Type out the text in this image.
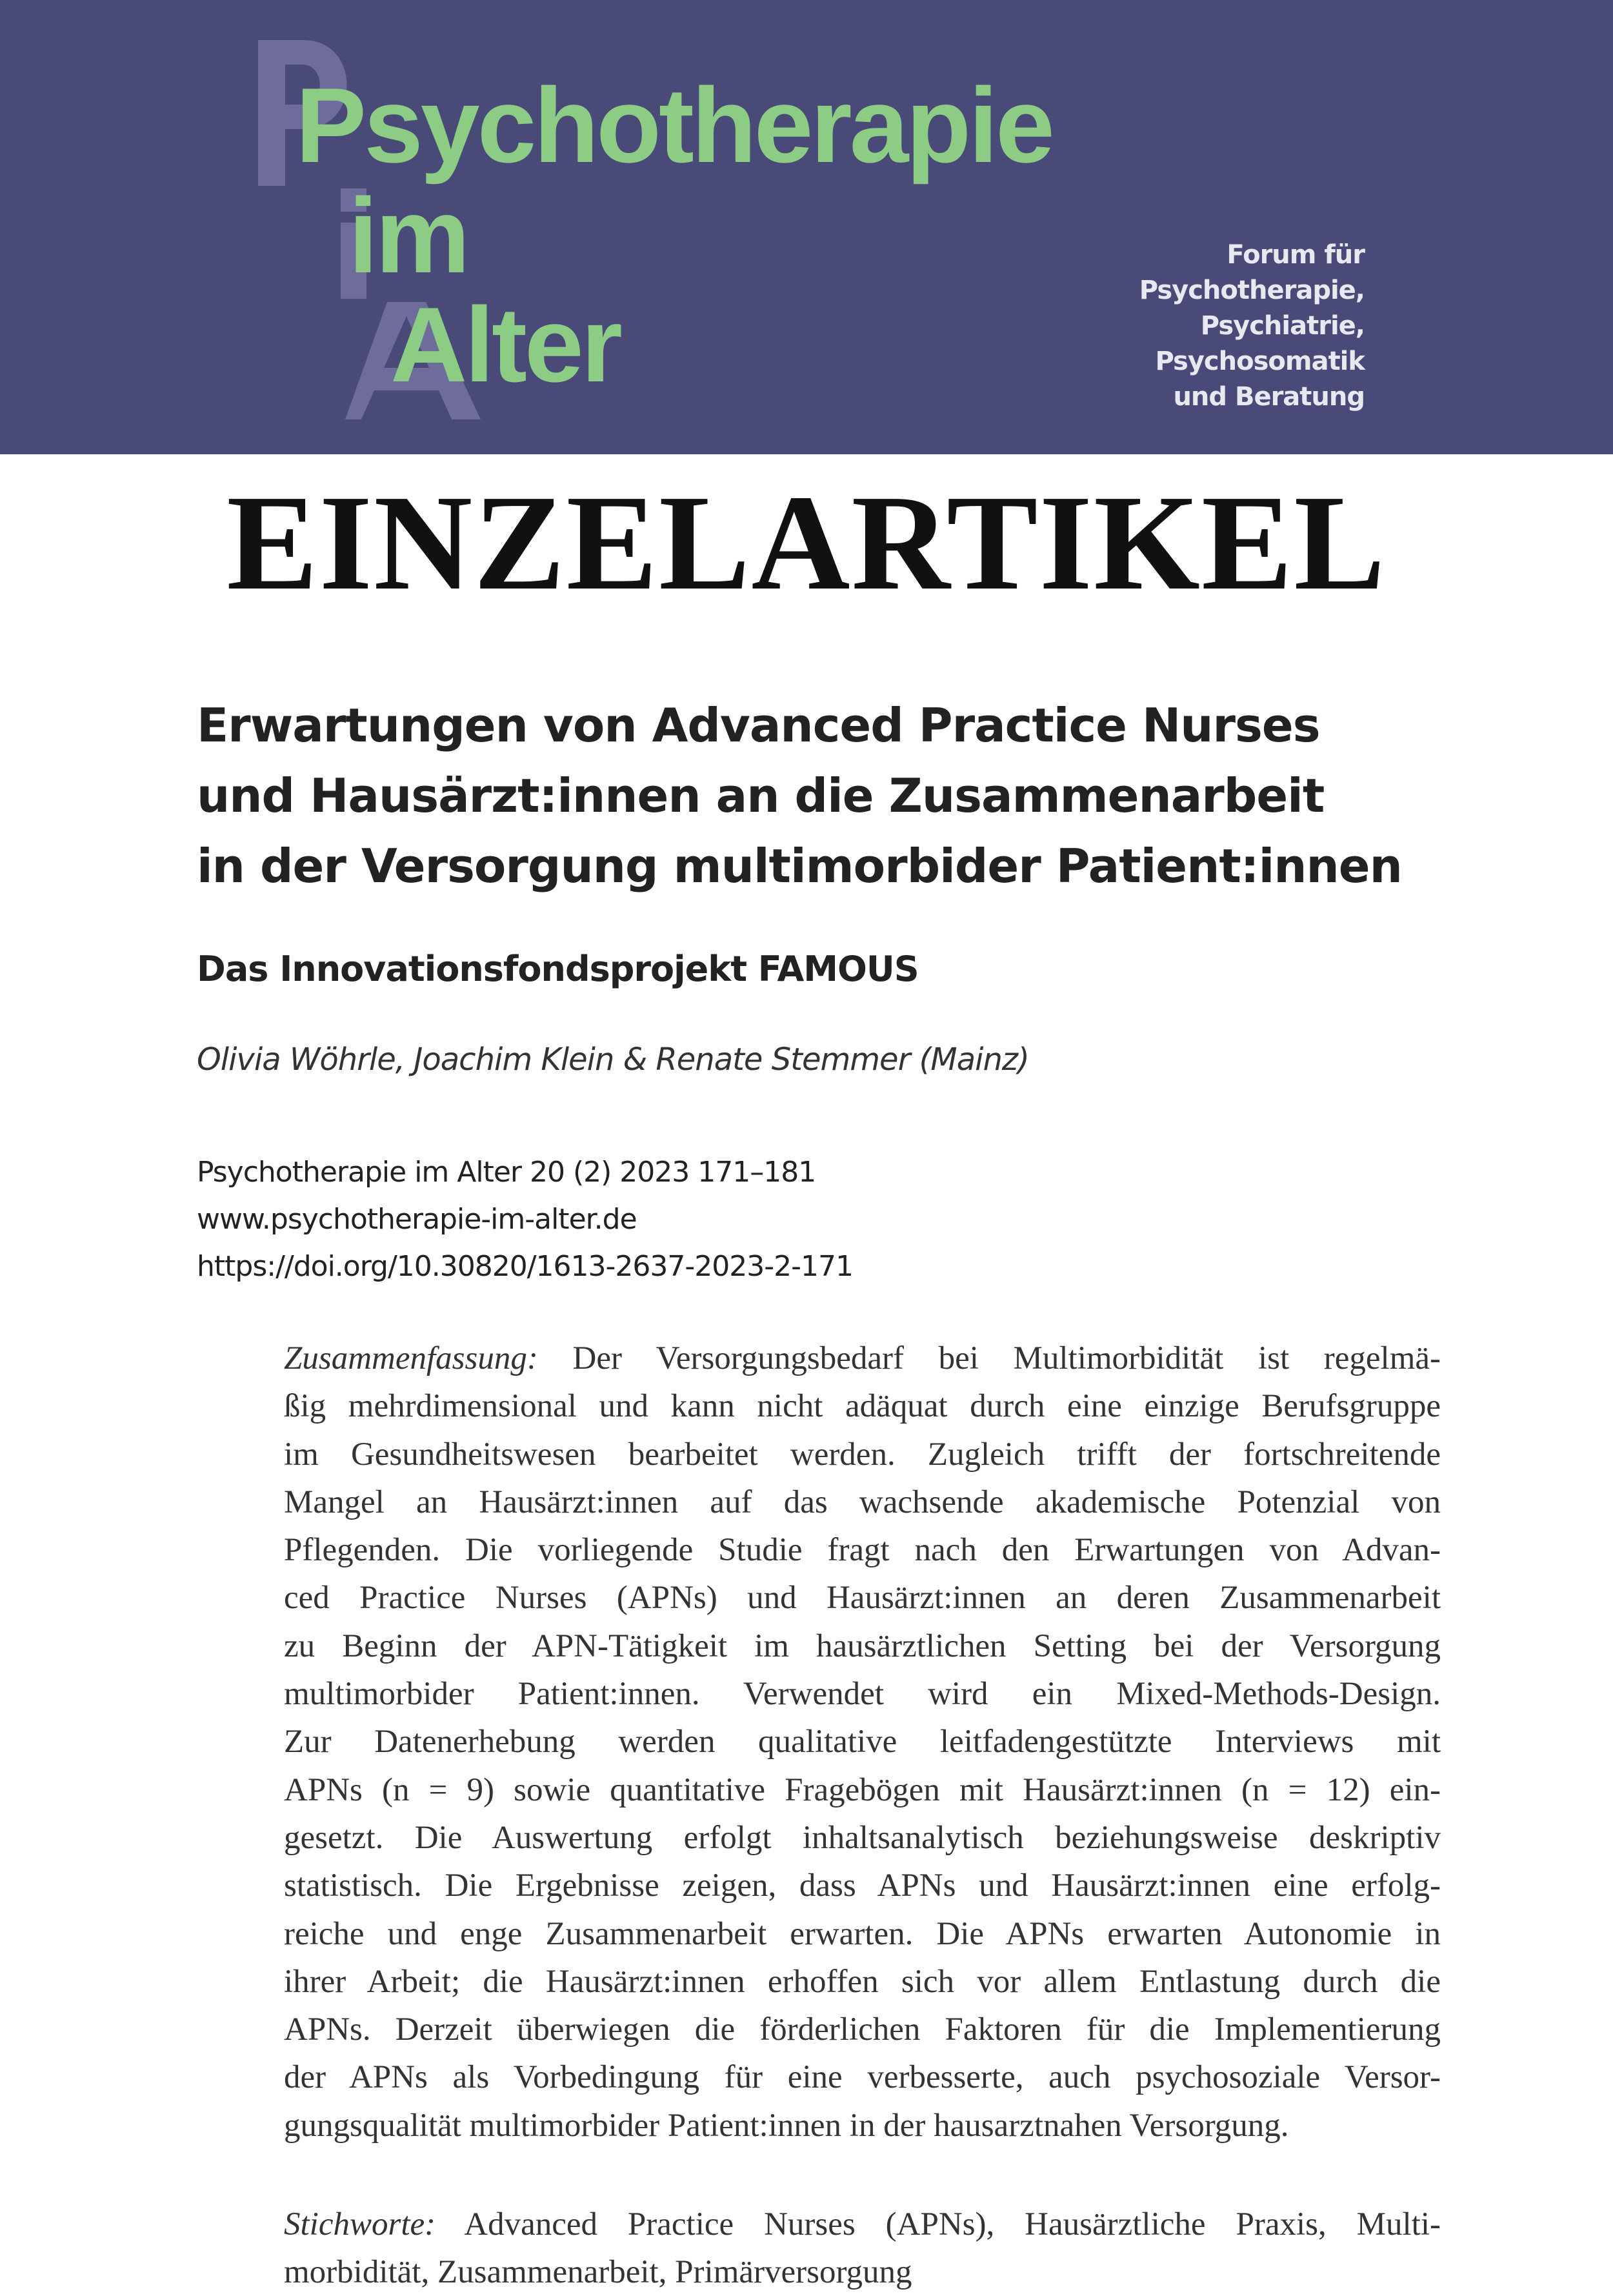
Psychotherapie
im
Alter
Forum für
Psychotherapie,
Psychiatrie,
Psychosomatik
und Beratung
EINZELARTIKEL
Erwartungen von Advanced Practice Nurses
und Hausärzt:innen an die Zusammenarbeit
in der Versorgung multimorbider Patient:innen
Das Innovationsfondsprojekt FAMOUS
Olivia Wöhrle, Joachim Klein & Renate Stemmer (Mainz)
Psychotherapie im Alter 20 (2) 2023 171–181
www.psychotherapie-im-alter.de
https://doi.org/10.30820/1613-2637-2023-2-171
Zusammenfassung: Der Versorgungsbedarf bei Multimorbidität ist regelmä-
ßig mehrdimensional und kann nicht adäquat durch eine einzige Berufsgruppe
im Gesundheitswesen bearbeitet werden. Zugleich trifft der fortschreitende
Mangel an Hausärzt:innen auf das wachsende akademische Potenzial von
Pflegenden. Die vorliegende Studie fragt nach den Erwartungen von Advan-
ced Practice Nurses (APNs) und Hausärzt:innen an deren Zusammenarbeit
zu Beginn der APN-Tätigkeit im hausärztlichen Setting bei der Versorgung
multimorbider Patient:innen. Verwendet wird ein Mixed-Methods-Design.
Zur Datenerhebung werden qualitative leitfadengestützte Interviews mit
APNs (n = 9) sowie quantitative Fragebögen mit Hausärzt:innen (n = 12) ein-
gesetzt. Die Auswertung erfolgt inhaltsanalytisch beziehungsweise deskriptiv
statistisch. Die Ergebnisse zeigen, dass APNs und Hausärzt:innen eine erfolg-
reiche und enge Zusammenarbeit erwarten. Die APNs erwarten Autonomie in
ihrer Arbeit; die Hausärzt:innen erhoffen sich vor allem Entlastung durch die
APNs. Derzeit überwiegen die förderlichen Faktoren für die Implementierung
der APNs als Vorbedingung für eine verbesserte, auch psychosoziale Versor-
gungsqualität multimorbider Patient:innen in der hausarztnahen Versorgung.
Stichworte: Advanced Practice Nurses (APNs), Hausärztliche Praxis, Multi-
morbidität, Zusammenarbeit, Primärversorgung
